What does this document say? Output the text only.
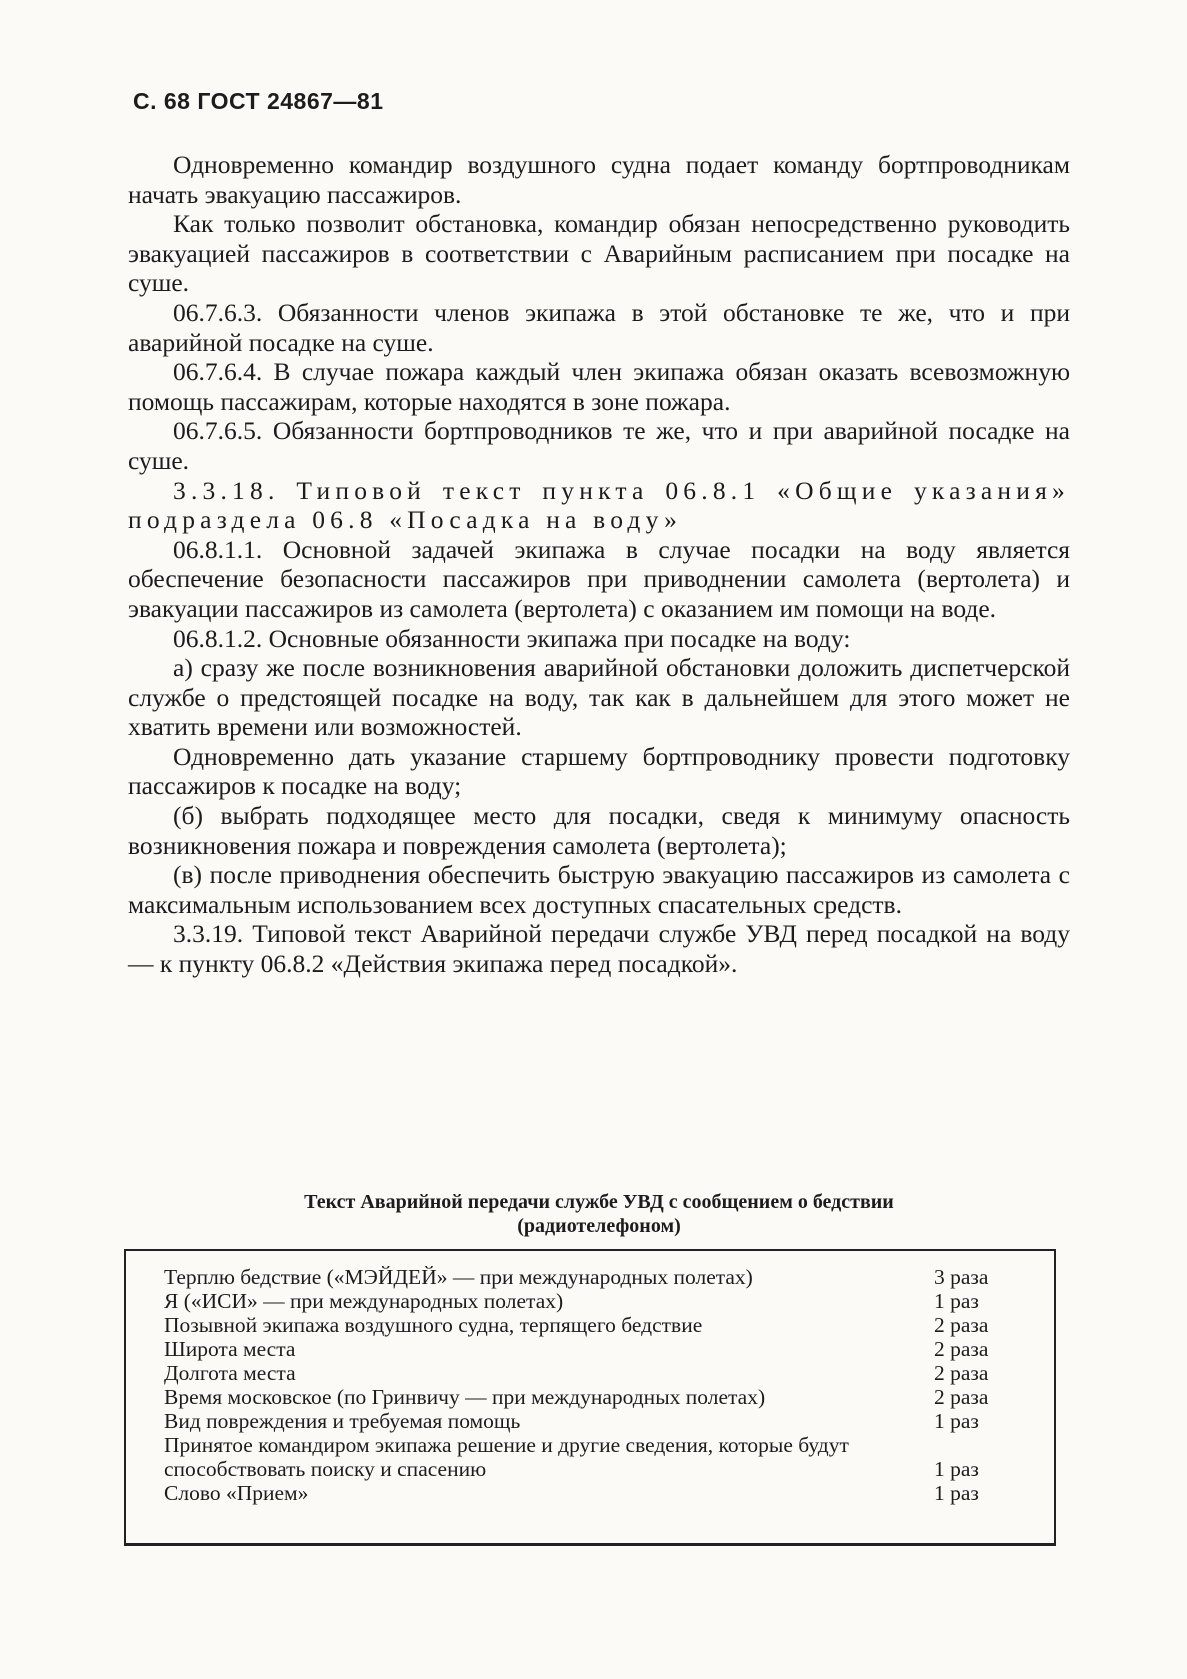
С. 68 ГОСТ 24867—81

Одновременно командир воздушного судна подает команду бортпроводникам начать эвакуацию пассажиров.

Как только позволит обстановка, командир обязан непосредственно руководить эвакуацией пассажиров в соответствии с Аварийным расписанием при посадке на суше.

06.7.6.3. Обязанности членов экипажа в этой обстановке те же, что и при аварийной посадке на суше.

06.7.6.4. В случае пожара каждый член экипажа обязан оказать всевозможную помощь пассажирам, которые находятся в зоне пожара.

06.7.6.5. Обязанности бортпроводников те же, что и при аварийной посадке на суше.

3.3.18. Типовой текст пункта 06.8.1 «Общие указания» подраздела 06.8 «Посадка на воду»

06.8.1.1. Основной задачей экипажа в случае посадки на воду является обеспечение безопасности пассажиров при приводнении самолета (вертолета) и эвакуации пассажиров из самолета (вертолета) с оказанием им помощи на воде.

06.8.1.2. Основные обязанности экипажа при посадке на воду:

а) сразу же после возникновения аварийной обстановки доложить диспетчерской службе о предстоящей посадке на воду, так как в дальнейшем для этого может не хватить времени или возможностей.

Одновременно дать указание старшему бортпроводнику провести подготовку пассажиров к посадке на воду;

(б) выбрать подходящее место для посадки, сведя к минимуму опасность возникновения пожара и повреждения самолета (вертолета);

(в) после приводнения обеспечить быструю эвакуацию пассажиров из самолета с максимальным использованием всех доступных спасательных средств.

3.3.19. Типовой текст Аварийной передачи службе УВД перед посадкой на воду — к пункту 06.8.2 «Действия экипажа перед посадкой».

Текст Аварийной передачи службе УВД с сообщением о бедствии
(радиотелефоном)
Терплю бедствие («МЭЙДЕЙ» — при международных полетах)	3 раза
Я («ИСИ» — при международных полетах)	1 раз
Позывной экипажа воздушного судна, терпящего бедствие	2 раза
Широта места	2 раза
Долгота места	2 раза
Время московское (по Гринвичу — при международных полетах)	2 раза
Вид повреждения и требуемая помощь	1 раз
Принятое командиром экипажа решение и другие сведения, которые будут способствовать поиску и спасению	1 раз
Слово «Прием»	1 раз
